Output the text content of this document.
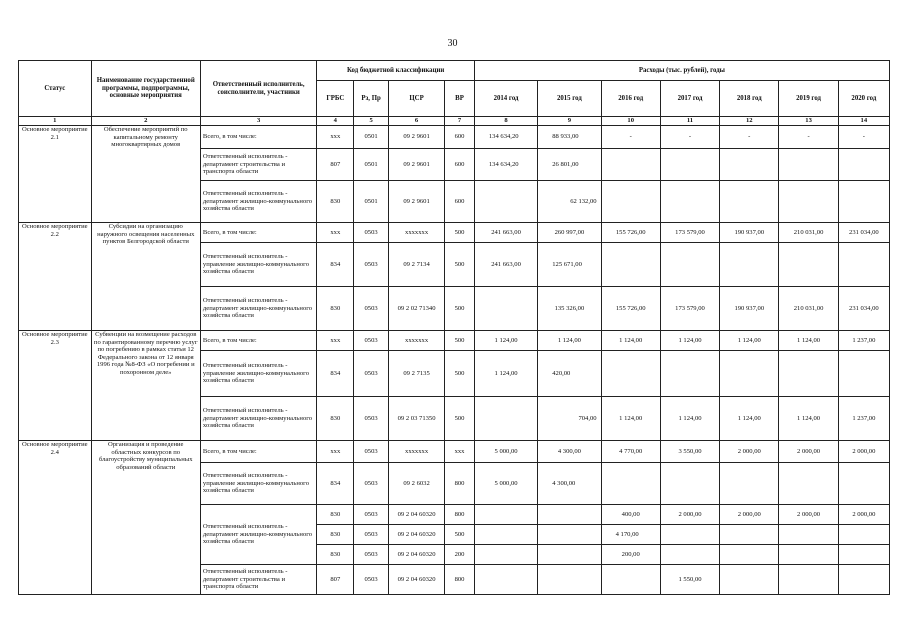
30
Статус	Наименование государственной программы, подпрограммы, основные мероприятия	Ответственный исполнитель, соисполнители, участники	Код бюджетной классификации				Расходы (тыс. рублей), годы						
			ГРБС	Рз, Пр	ЦСР	ВР	2014 год	2015 год	2016 год	2017 год	2018 год	2019 год	2020 год
1	2	3	4	5	6	7	8	9	10	11	12	13	14
Основное мероприятие 2.1	Обеспечение мероприятий по капитальному ремонту многоквартирных домов	Всего, в том числе:	ххх	0501	09 2 9601	600	134 634,20	88 933,00	-	-	-	-	-
		Ответственный исполнитель - департамент строительства и транспорта области	807	0501	09 2 9601	600	134 634,20	26 801,00					
		Ответственный исполнитель - департамент жилищно-коммунального хозяйства области	830	0501	09 2 9601	600		62 132,00					
Основное мероприятие 2.2	Субсидии на организацию наружного освещения населенных пунктов Белгородской области	Всего, в том числе:	ххх	0503	ххххххх	500	241 663,00	260 997,00	155 726,00	173 579,00	190 937,00	210 031,00	231 034,00
		Ответственный исполнитель - управление жилищно-коммунального хозяйства области	834	0503	09 2 7134	500	241 663,00	125 671,00					
		Ответственный исполнитель - департамент жилищно-коммунального хозяйства области	830	0503	09 2 02 71340	500		135 326,00	155 726,00	173 579,00	190 937,00	210 031,00	231 034,00
Основное мероприятие 2.3	Субвенции на возмещение расходов по гарантированному перечню услуг по погребению в рамках статьи 12 Федерального закона от 12 января 1996 года №8-ФЗ «О погребении и похоронном деле»	Всего, в том числе:	ххх	0503	ххххххх	500	1 124,00	1 124,00	1 124,00	1 124,00	1 124,00	1 124,00	1 237,00
		Ответственный исполнитель - управление жилищно-коммунального хозяйства области	834	0503	09 2 7135	500	1 124,00	420,00					
		Ответственный исполнитель - департамент жилищно-коммунального хозяйства области	830	0503	09 2 03 71350	500		704,00	1 124,00	1 124,00	1 124,00	1 124,00	1 237,00
Основное мероприятие 2.4	Организация и проведение областных конкурсов по благоустройству муниципальных образований области	Всего, в том числе:	ххх	0503	ххххххх	ххх	5 000,00	4 300,00	4 770,00	3 550,00	2 000,00	2 000,00	2 000,00
		Ответственный исполнитель - управление жилищно-коммунального хозяйства области	834	0503	09 2 6032	800	5 000,00	4 300,00					
		Ответственный исполнитель - департамент жилищно-коммунального хозяйства области	830	0503	09 2 04 60320	800			400,00	2 000,00	2 000,00	2 000,00	2 000,00
			830	0503	09 2 04 60320	500			4 170,00				
			830	0503	09 2 04 60320	200			200,00				
		Ответственный исполнитель - департамент строительства и транспорта области	807	0503	09 2 04 60320	800				1 550,00			
